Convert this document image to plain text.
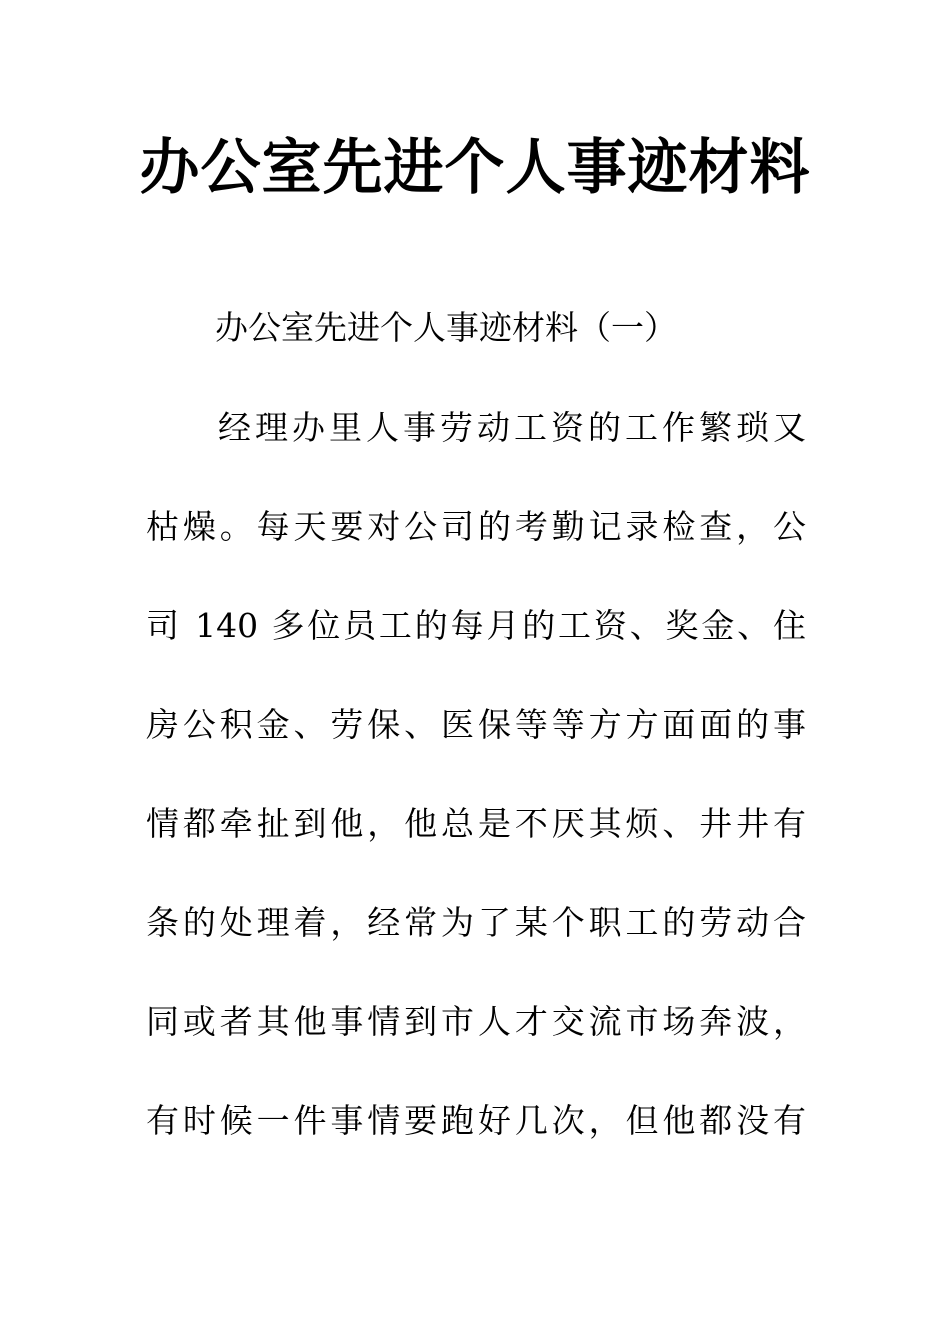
办公室先进个人事迹材料

办公室先进个人事迹材料（一）

经理办里人事劳动工资的工作繁琐又

枯燥。每天要对公司的考勤记录检查，公

司 140 多位员工的每月的工资、奖金、住

房公积金、劳保、医保等等方方面面的事

情都牵扯到他，他总是不厌其烦、井井有

条的处理着，经常为了某个职工的劳动合

同或者其他事情到市人才交流市场奔波，

有时候一件事情要跑好几次，但他都没有
